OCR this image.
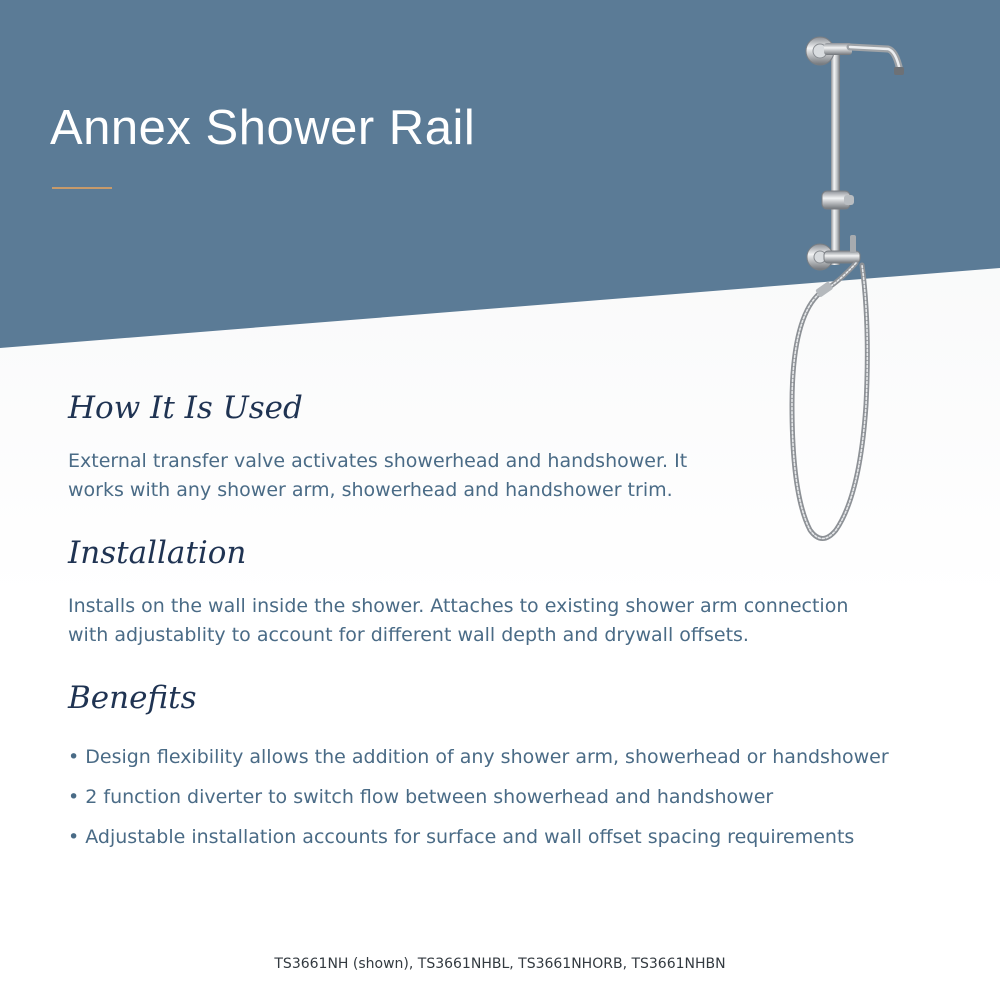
Annex Shower Rail
How It Is Used
External transfer valve activates showerhead and handshower. It
works with any shower arm, showerhead and handshower trim.
Installation
Installs on the wall inside the shower. Attaches to existing shower arm connection
with adjustablity to account for different wall depth and drywall offsets.
Benefits
• Design flexibility allows the addition of any shower arm, showerhead or handshower
• 2 function diverter to switch flow between showerhead and handshower
• Adjustable installation accounts for surface and wall offset spacing requirements
TS3661NH (shown), TS3661NHBL, TS3661NHORB, TS3661NHBN
